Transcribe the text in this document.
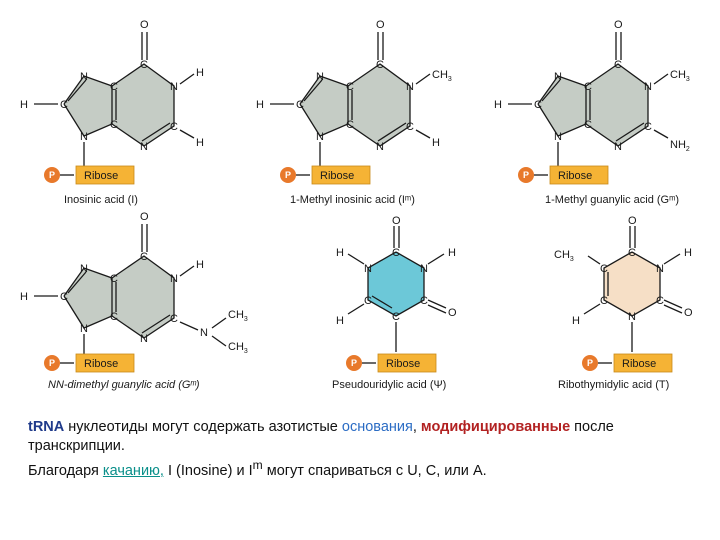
H	C
N
C
C
N
C
N
C
N
O
H
H
P	Ribose
Inosinic acid (I)
H	C
N
C
C
N
C
N
C
N
O
$CH_3$
H
P	Ribose
1-Methyl inosinic acid (Iᵐ)
H	C
N
C
C
N
C
N
C
N
O
$CH_3$
$NH_2$
P	Ribose
1-Methyl guanylic acid (Gᵐ)
H	C
N
C
C
N
C
N
C
N
O
H
N
$CH_3$
$CH_3$
P	Ribose
NN-dimethyl guanylic acid (Gᵐ)
O
C
N
C
C
C
N
O
H	H
H
P	Ribose
Pseudouridylic acid (Ψ)
O
C
N
C
N
C
C
O
$CH_3$
H
H
P	Ribose
Ribothymidylic acid (T)
tRNA нуклеотиды могут содержать азотистые основания, модифицированные после транскрипции.
Благодаря качанию, I (Inosine) и $I^m$ могут спариваться с U, C, или A.
